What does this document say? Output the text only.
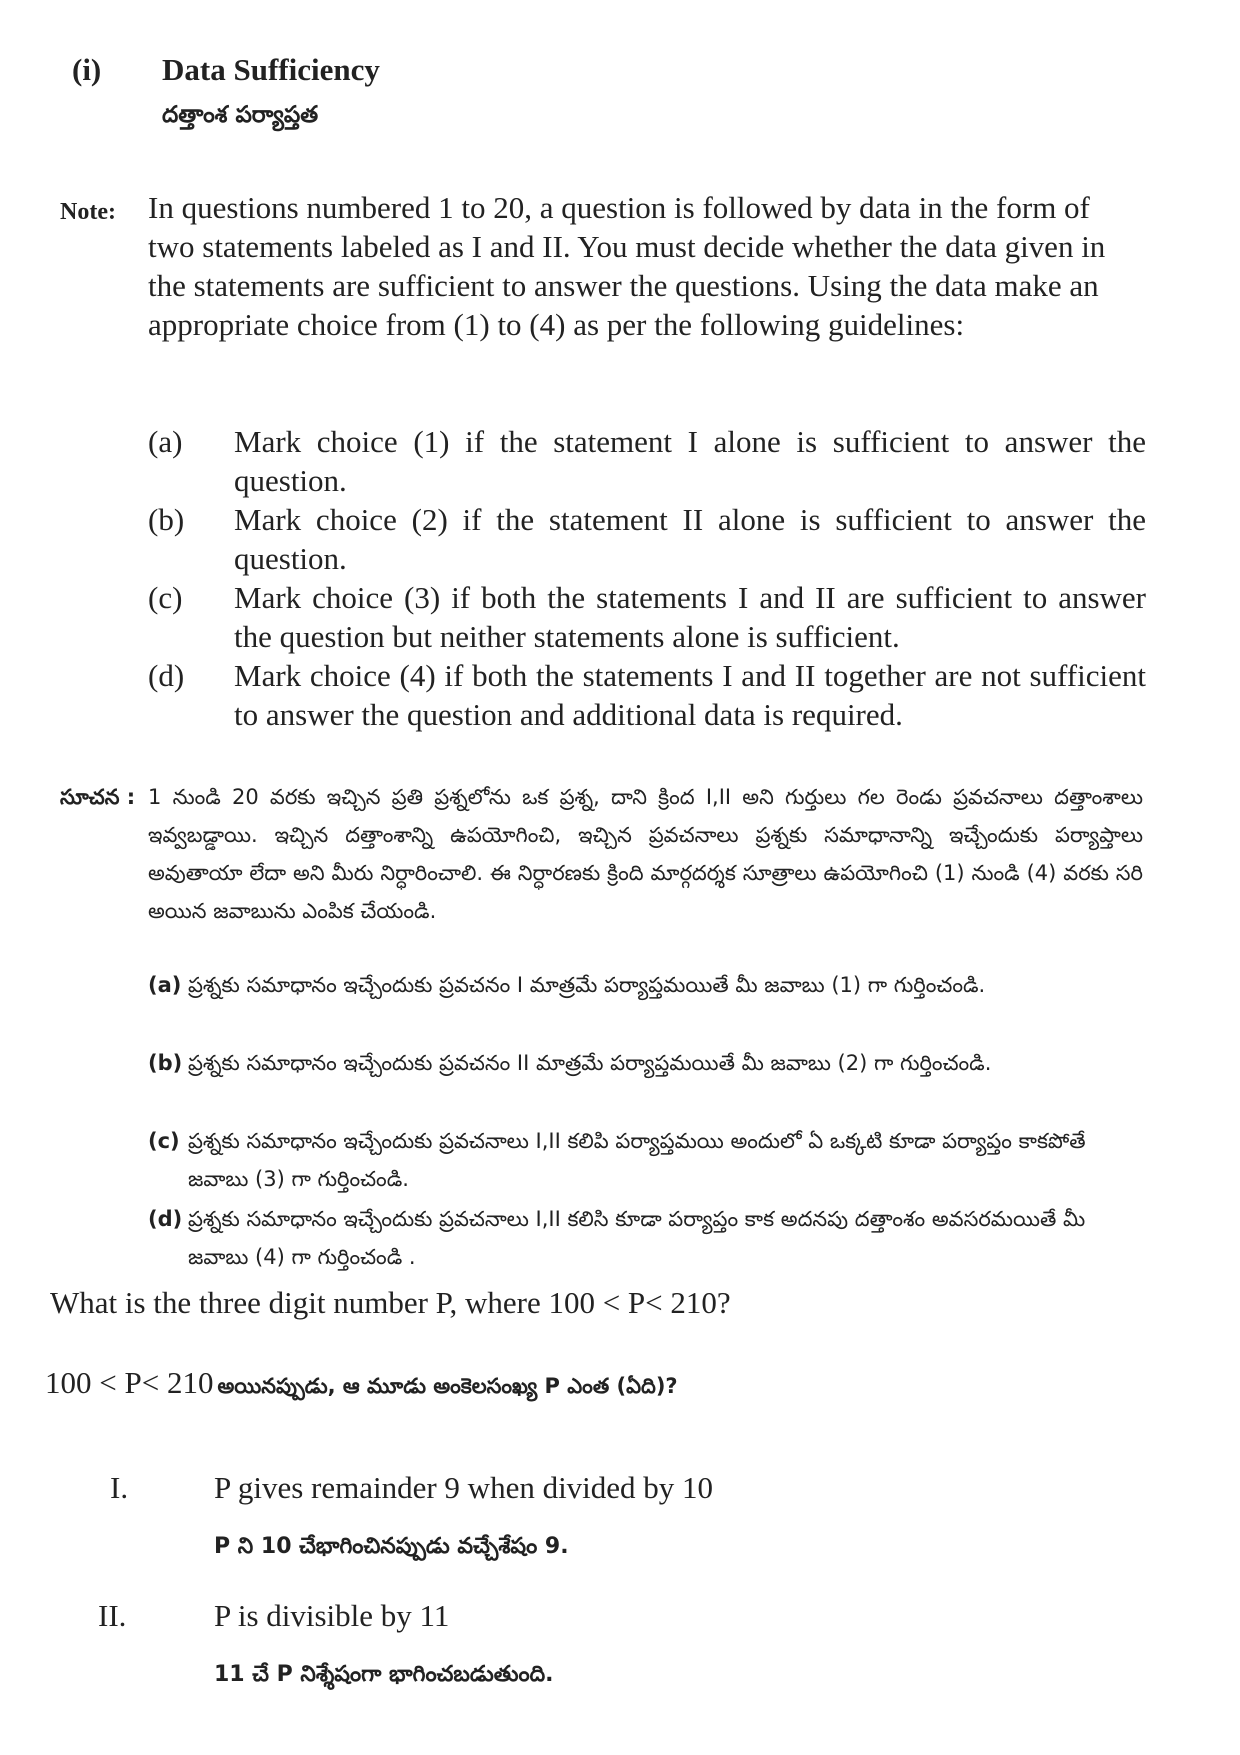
(i) Data Sufficiency
దత్తాంశ పర్యాప్తత
Note: In questions numbered 1 to 20, a question is followed by data in the form of two statements labeled as I and II. You must decide whether the data given in the statements are sufficient to answer the questions. Using the data make an appropriate choice from (1) to (4) as per the following guidelines:
(a) Mark choice (1) if the statement I alone is sufficient to answer the question.
(b) Mark choice (2) if the statement II alone is sufficient to answer the question.
(c) Mark choice (3) if both the statements I and II are sufficient to answer the question but neither statements alone is sufficient.
(d) Mark choice (4) if both the statements I and II together are not sufficient to answer the question and additional data is required.
సూచన : 1 నుండి 20 వరకు ఇచ్చిన ప్రతి ప్రశ్నలోను ఒక ప్రశ్న, దాని క్రింద I,II అని గుర్తులు గల రెండు ప్రవచనాలు దత్తాంశాలు ఇవ్వబడ్డాయి. ఇచ్చిన దత్తాంశాన్ని ఉపయోగించి, ఇచ్చిన ప్రవచనాలు ప్రశ్నకు సమాధానాన్ని ఇచ్చేందుకు పర్యాప్తాలు అవుతాయా లేదా అని మీరు నిర్ధారించాలి. ఈ నిర్ధారణకు క్రింది మార్గదర్శక సూత్రాలు ఉపయోగించి (1) నుండి (4) వరకు సరి అయిన జవాబును ఎంపిక చేయండి.
(a) ప్రశ్నకు సమాధానం ఇచ్చేందుకు ప్రవచనం I మాత్రమే పర్యాప్తమయితే మీ జవాబు (1) గా గుర్తించండి.
(b) ప్రశ్నకు సమాధానం ఇచ్చేందుకు ప్రవచనం II మాత్రమే పర్యాప్తమయితే మీ జవాబు (2) గా గుర్తించండి.
(c) ప్రశ్నకు సమాధానం ఇచ్చేందుకు ప్రవచనాలు I,II కలిపి పర్యాప్తమయి అందులో ఏ ఒక్కటి కూడా పర్యాప్తం కాకపోతే జవాబు (3) గా గుర్తించండి.
(d) ప్రశ్నకు సమాధానం ఇచ్చేందుకు ప్రవచనాలు I,II కలిసి కూడా పర్యాప్తం కాక అదనపు దత్తాంశం అవసరమయితే మీ జవాబు (4) గా గుర్తించండి .
What is the three digit number P, where 100 < P< 210?
100 < P< 210 అయినప్పుడు, ఆ మూడు అంకెలసంఖ్య P ఎంత (ఏది)?
I.	P gives remainder 9 when divided by 10
P ని 10 చేభాగించినప్పుడు వచ్చేశేషం 9.
II.	P is divisible by 11
11 చే P నిశ్శేషంగా భాగించబడుతుంది.
